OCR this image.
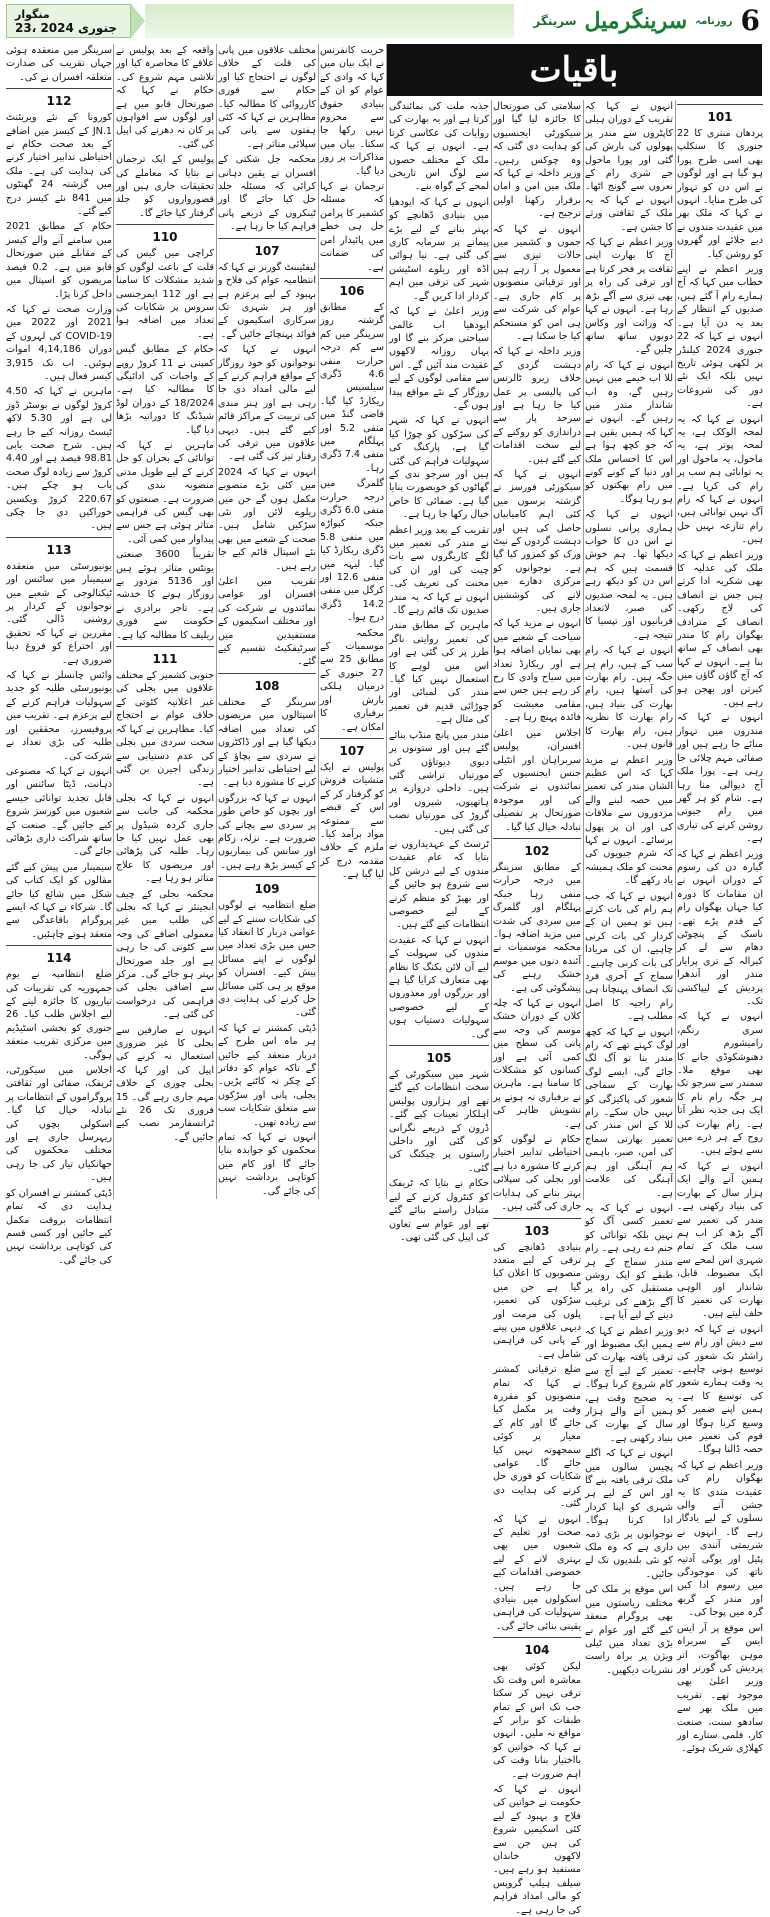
منگوار
23، جنوری 2024	سرینگر سرینگرمیل روزنامہ 6
باقیات

سرینگر میں منعقدہ ہوئی جہاں تقریب کی صدارت متعلقہ افسران نے کی۔

112

کورونا کے نئے ویریئنٹ JN.1 کے کیسز میں اضافے کے بعد صحت حکام نے احتیاطی تدابیر اختیار کرنے کی ہدایت کی ہے۔ ملک میں گزشتہ 24 گھنٹوں میں 841 نئے کیسز درج کیے گئے۔

حکام کے مطابق 2021 میں سامنے آنے والے کیسز کے مقابلے میں صورتحال قابو میں ہے۔ 0.2 فیصد مریضوں کو اسپتال میں داخل کرنا پڑا۔

وزارت صحت نے کہا کہ 2021 اور 2022 میں COVID-19 کی لہروں کے دوران 4,14,186 اموات ہوئیں۔ اب تک 3,915 کیسز فعال ہیں۔

ماہرین نے کہا کہ 4.50 کروڑ لوگوں نے بوسٹر ڈوز لی ہے اور 5.30 لاکھ ٹیسٹ روزانہ کیے جا رہے ہیں۔ شرح صحت یابی 98.81 فیصد ہے اور 4.40 کروڑ سے زیادہ لوگ صحت یاب ہو چکے ہیں۔ 220.67 کروڑ ویکسین خوراکیں دی جا چکی ہیں۔

113

یونیورسٹی میں منعقدہ سیمینار میں سائنس اور ٹیکنالوجی کے شعبے میں نوجوانوں کے کردار پر روشنی ڈالی گئی۔ مقررین نے کہا کہ تحقیق اور اختراع کو فروغ دینا ضروری ہے۔

وائس چانسلر نے کہا کہ یونیورسٹی طلبہ کو جدید سہولیات فراہم کرنے کے لیے پرعزم ہے۔ تقریب میں پروفیسرز، محققین اور طلبہ کی بڑی تعداد نے شرکت کی۔

انہوں نے کہا کہ مصنوعی ذہانت، ڈیٹا سائنس اور قابل تجدید توانائی جیسے شعبوں میں کورسز شروع کیے جائیں گے۔ صنعت کے ساتھ شراکت داری بڑھائی جائے گی۔

سیمینار میں پیش کیے گئے مقالوں کو ایک کتاب کی شکل میں شائع کیا جائے گا۔ شرکاء نے کہا کہ ایسے پروگرام باقاعدگی سے منعقد ہونے چاہئیں۔

114

ضلع انتظامیہ نے یوم جمہوریہ کی تقریبات کی تیاریوں کا جائزہ لینے کے لیے اجلاس طلب کیا۔ 26 جنوری کو بخشی اسٹیڈیم میں مرکزی تقریب منعقد ہوگی۔

اجلاس میں سیکورٹی، ٹریفک، صفائی اور ثقافتی پروگراموں کے انتظامات پر تبادلہ خیال کیا گیا۔ اسکولی بچوں کی ریہرسل جاری ہے اور مختلف محکموں کی جھانکیاں تیار کی جا رہی ہیں۔

ڈپٹی کمشنر نے افسران کو ہدایت دی کہ تمام انتظامات بروقت مکمل کیے جائیں اور کسی قسم کی کوتاہی برداشت نہیں کی جائے گی۔

واقعہ کے بعد پولیس نے علاقے کا محاصرہ کیا اور تلاشی مہم شروع کی۔ حکام نے کہا کہ صورتحال قابو میں ہے اور لوگوں سے افواہوں پر کان نہ دھرنے کی اپیل کی گئی۔

پولیس کے ایک ترجمان نے بتایا کہ معاملے کی تحقیقات جاری ہیں اور قصورواروں کو جلد گرفتار کیا جائے گا۔

110

کراچی میں گیس کی قلت کے باعث لوگوں کو شدید مشکلات کا سامنا ہے اور 112 ایمرجنسی سروس پر شکایات کی تعداد میں اضافہ ہوا ہے۔

حکام کے مطابق گیس کمپنی نے 11 کروڑ روپے کے واجبات کی ادائیگی کا مطالبہ کیا ہے۔ 18/2024 کے دوران لوڈ شیڈنگ کا دورانیہ بڑھا دیا گیا۔

ماہرین نے کہا کہ توانائی کے بحران کو حل کرنے کے لیے طویل مدتی منصوبہ بندی کی ضرورت ہے۔ صنعتوں کو بھی گیس کی فراہمی متاثر ہوئی ہے جس سے پیداوار میں کمی آئی۔

تقریباً 3600 صنعتی یونٹس متاثر ہوئے ہیں اور 5136 مزدور بے روزگار ہونے کا خدشہ ہے۔ تاجر برادری نے حکومت سے فوری ریلیف کا مطالبہ کیا ہے۔

111

جنوبی کشمیر کے مختلف علاقوں میں بجلی کی غیر اعلانیہ کٹوتی کے خلاف عوام نے احتجاج کیا۔ مظاہرین نے کہا کہ سخت سردی میں بجلی کی عدم دستیابی سے زندگی اجیرن بن گئی ہے۔

انہوں نے کہا کہ بجلی محکمہ کی جانب سے جاری کردہ شیڈول پر بھی عمل نہیں کیا جا رہا۔ طلبہ کی پڑھائی اور مریضوں کا علاج متاثر ہو رہا ہے۔

محکمہ بجلی کے چیف انجینئر نے کہا کہ بجلی کی طلب میں غیر معمولی اضافے کی وجہ سے کٹوتی کی جا رہی ہے اور جلد صورتحال بہتر ہو جائے گی۔ مرکز سے اضافی بجلی کی فراہمی کی درخواست کی گئی ہے۔

انہوں نے صارفین سے بجلی کا غیر ضروری استعمال نہ کرنے کی اپیل کی اور کہا کہ بجلی چوری کے خلاف مہم جاری رہے گی۔ 15 فروری تک 26 نئے ٹرانسفارمر نصب کیے جائیں گے۔

مختلف علاقوں میں پانی کی قلت کے خلاف لوگوں نے احتجاج کیا اور حکام سے فوری کارروائی کا مطالبہ کیا۔ مظاہرین نے کہا کہ کئی ہفتوں سے پانی کی سپلائی متاثر ہے۔

محکمہ جل شکتی کے افسران نے یقین دہانی کرائی کہ مسئلہ جلد حل کیا جائے گا اور ٹینکروں کے ذریعے پانی فراہم کیا جا رہا ہے۔

107

لیفٹیننٹ گورنر نے کہا کہ انتظامیہ عوام کی فلاح و بہبود کے لیے پرعزم ہے اور ہر شہری تک سرکاری اسکیموں کے فوائد پہنچائے جائیں گے۔

انہوں نے کہا کہ نوجوانوں کو خود روزگار کے مواقع فراہم کرنے کے لیے مالی امداد دی جا رہی ہے اور ہنر مندی کی تربیت کے مراکز قائم کیے گئے ہیں۔ دیہی علاقوں میں ترقی کی رفتار تیز کی گئی ہے۔

انہوں نے کہا کہ 2024 میں کئی بڑے منصوبے مکمل ہوں گے جن میں ریلوے لائن اور نئی سڑکیں شامل ہیں۔ صحت کے شعبے میں بھی نئے اسپتال قائم کیے جا رہے ہیں۔

تقریب میں اعلیٰ افسران اور عوامی نمائندوں نے شرکت کی اور مختلف اسکیموں کے مستفیدین میں سرٹیفکیٹ تقسیم کیے گئے۔

108

سرینگر کے مختلف اسپتالوں میں مریضوں کی تعداد میں اضافہ دیکھا گیا ہے اور ڈاکٹروں نے سردی سے بچاؤ کے لیے احتیاطی تدابیر اختیار کرنے کا مشورہ دیا ہے۔

انہوں نے کہا کہ بزرگوں اور بچوں کو خاص طور پر سردی سے بچانے کی ضرورت ہے۔ نزلہ، زکام اور سانس کی بیماریوں کے کیسز بڑھ رہے ہیں۔

109

ضلع انتظامیہ نے لوگوں کی شکایات سننے کے لیے عوامی دربار کا انعقاد کیا جس میں بڑی تعداد میں لوگوں نے اپنے مسائل پیش کیے۔ افسران کو موقع پر ہی کئی مسائل حل کرنے کی ہدایت دی گئی۔

ڈپٹی کمشنر نے کہا کہ ہر ماہ اس طرح کے دربار منعقد کیے جائیں گے تاکہ عوام کو دفاتر کے چکر نہ کاٹنے پڑیں۔ بجلی، پانی اور سڑکوں سے متعلق شکایات سب سے زیادہ تھیں۔

انہوں نے کہا کہ تمام محکموں کو جوابدہ بنایا جائے گا اور کام میں کوتاہی برداشت نہیں کی جائے گی۔

حریت کانفرنس نے ایک بیان میں کہا کہ وادی کے عوام کو ان کے بنیادی حقوق سے محروم نہیں رکھا جا سکتا۔ بیان میں مذاکرات پر زور دیا گیا۔

ترجمان نے کہا کہ مسئلہ کشمیر کا پرامن حل ہی خطے میں پائیدار امن کی ضمانت ہے۔

106

کے مطابق گزشتہ روز سرینگر میں کم سے کم درجہ حرارت منفی 4.6 ڈگری سیلسیس ریکارڈ کیا گیا۔ قاضی گنڈ میں منفی 5.2 اور پہلگام میں منفی 7.4 ڈگری رہا۔

گلمرگ میں درجہ حرارت منفی 6.0 ڈگری جبکہ کپواڑہ میں منفی 5.8 ڈگری ریکارڈ کیا گیا۔ لیہہ میں منفی 12.6 اور کرگل میں منفی 14.2 ڈگری درج ہوا۔

محکمہ موسمیات کے مطابق 25 سے 27 جنوری کے درمیان ہلکی بارش اور برفباری کا امکان ہے۔

107

پولیس نے ایک منشیات فروش کو گرفتار کر کے اس کے قبضے سے ممنوعہ مواد برآمد کیا۔ ملزم کے خلاف مقدمہ درج کر لیا گیا ہے۔

جذبہ ملت کی نمائندگی کرتا ہے اور یہ بھارت کی روایات کی عکاسی کرتا ہے۔ انہوں نے کہا کہ ملک کے مختلف حصوں سے لوگ اس تاریخی لمحے کے گواہ بنے۔

انہوں نے کہا کہ ایودھیا میں بنیادی ڈھانچے کو بہتر بنانے کے لیے بڑے پیمانے پر سرمایہ کاری کی گئی ہے۔ نیا ہوائی اڈہ اور ریلوے اسٹیشن شہر کی ترقی میں اہم کردار ادا کریں گے۔

وزیر اعلیٰ نے کہا کہ ایودھیا اب عالمی سیاحتی مرکز بنے گا اور یہاں روزانہ لاکھوں عقیدت مند آئیں گے۔ اس سے مقامی لوگوں کے لیے روزگار کے نئے مواقع پیدا ہوں گے۔

انہوں نے کہا کہ شہر کی سڑکوں کو چوڑا کیا گیا ہے، پارکنگ کی سہولیات فراہم کی گئی ہیں اور سرجو ندی کے گھاٹوں کو خوبصورت بنایا گیا ہے۔ صفائی کا خاص خیال رکھا جا رہا ہے۔

تقریب کے بعد وزیر اعظم نے مندر کی تعمیر میں لگے کاریگروں سے بات چیت کی اور ان کی محنت کی تعریف کی۔ انہوں نے کہا کہ یہ مندر صدیوں تک قائم رہے گا۔

ماہرین کے مطابق مندر کی تعمیر روایتی ناگر طرز پر کی گئی ہے اور اس میں لوہے کا استعمال نہیں کیا گیا۔ مندر کی لمبائی اور چوڑائی قدیم فن تعمیر کی مثال ہے۔

مندر میں پانچ منڈپ بنائے گئے ہیں اور ستونوں پر دیوی دیوتاؤں کی مورتیاں تراشی گئی ہیں۔ داخلی دروازے پر ہاتھیوں، شیروں اور گروڑ کی مورتیاں نصب کی گئی ہیں۔

ٹرسٹ کے عہدیداروں نے بتایا کہ عام عقیدت مندوں کے لیے درشن کل سے شروع ہو جائیں گے اور بھیڑ کو منظم کرنے کے لیے خصوصی انتظامات کیے گئے ہیں۔

انہوں نے کہا کہ عقیدت مندوں کی سہولت کے لیے آن لائن بکنگ کا نظام بھی متعارف کرایا گیا ہے اور بزرگوں اور معذوروں کے لیے خصوصی سہولیات دستیاب ہوں گی۔

105

شہر میں سیکورٹی کے سخت انتظامات کیے گئے تھے اور ہزاروں پولیس اہلکار تعینات کیے گئے۔ ڈرون کے ذریعے نگرانی کی گئی اور داخلی راستوں پر چیکنگ کی گئی۔

حکام نے بتایا کہ ٹریفک کو کنٹرول کرنے کے لیے متبادل راستے بنائے گئے تھے اور عوام سے تعاون کی اپیل کی گئی تھی۔

سلامتی کی صورتحال کا جائزہ لیا گیا اور سیکورٹی ایجنسیوں کو ہدایت دی گئی کہ وہ چوکس رہیں۔ وزیر داخلہ نے کہا کہ ملک میں امن و امان برقرار رکھنا اولین ترجیح ہے۔

انہوں نے کہا کہ جموں و کشمیر میں حالات تیزی سے معمول پر آ رہے ہیں اور ترقیاتی منصوبوں پر کام جاری ہے۔ عوام کی شرکت سے ہی امن کو مستحکم کیا جا سکتا ہے۔

وزیر داخلہ نے کہا کہ دہشت گردی کے خلاف زیرو ٹالرنس کی پالیسی پر عمل کیا جا رہا ہے اور سرحد پار سے دراندازی کو روکنے کے لیے سخت اقدامات کیے گئے ہیں۔

انہوں نے کہا کہ سیکورٹی فورسز نے گزشتہ برسوں میں کئی اہم کامیابیاں حاصل کی ہیں اور دہشت گردوں کے نیٹ ورک کو کمزور کیا گیا ہے۔ نوجوانوں کو مرکزی دھارے میں لانے کی کوششیں جاری ہیں۔

انہوں نے مزید کہا کہ سیاحت کے شعبے میں بھی نمایاں اضافہ ہوا ہے اور ریکارڈ تعداد میں سیاح وادی کا رخ کر رہے ہیں جس سے مقامی معیشت کو فائدہ پہنچ رہا ہے۔

اجلاس میں اعلیٰ افسران، پولیس سربراہان اور انٹیلی جنس ایجنسیوں کے نمائندوں نے شرکت کی اور موجودہ صورتحال پر تفصیلی تبادلہ خیال کیا گیا۔

102

کے مطابق سرینگر میں درجہ حرارت منفی رہا جبکہ پہلگام اور گلمرگ میں سردی کی شدت میں مزید اضافہ ہوا۔ محکمہ موسمیات نے آئندہ دنوں میں موسم خشک رہنے کی پیشگوئی کی ہے۔

انہوں نے کہا کہ چلہ کلان کے دوران خشک موسم کی وجہ سے پانی کی سطح میں کمی آئی ہے اور کسانوں کو مشکلات کا سامنا ہے۔ ماہرین نے برفباری نہ ہونے پر تشویش ظاہر کی ہے۔

حکام نے لوگوں کو احتیاطی تدابیر اختیار کرنے کا مشورہ دیا ہے اور بجلی کی سپلائی بہتر بنانے کی ہدایات جاری کی گئی ہیں۔

103

بنیادی ڈھانچے کی ترقی کے لیے متعدد منصوبوں کا اعلان کیا گیا ہے جن میں سڑکوں کی تعمیر، پلوں کی مرمت اور دیہی علاقوں میں پینے کے پانی کی فراہمی شامل ہے۔

ضلع ترقیاتی کمشنر نے کہا کہ تمام منصوبوں کو مقررہ وقت پر مکمل کیا جائے گا اور کام کے معیار پر کوئی سمجھوتہ نہیں کیا جائے گا۔ عوامی شکایات کو فوری حل کرنے کی ہدایت دی گئی۔

انہوں نے کہا کہ صحت اور تعلیم کے شعبوں میں بھی بہتری لانے کے لیے خصوصی اقدامات کیے جا رہے ہیں۔ اسکولوں میں بنیادی سہولیات کی فراہمی یقینی بنائی جائے گی۔

104

لیکن کوئی بھی معاشرہ اس وقت تک ترقی نہیں کر سکتا جب تک اس کے تمام طبقات کو برابر کے مواقع نہ ملیں۔ انہوں نے کہا کہ خواتین کو بااختیار بنانا وقت کی اہم ضرورت ہے۔

انہوں نے کہا کہ حکومت نے خواتین کی فلاح و بہبود کے لیے کئی اسکیمیں شروع کی ہیں جن سے لاکھوں خاندان مستفید ہو رہے ہیں۔ سیلف ہیلپ گروپس کو مالی امداد فراہم کی جا رہی ہے۔

انہوں نے کہا کہ تقریب کے دوران ہیلی کاپٹروں سے مندر پر پھولوں کی بارش کی گئی اور پورا ماحول جے شری رام کے نعروں سے گونج اٹھا۔ انہوں نے کہا کہ یہ ملک کے ثقافتی ورثے کا جشن ہے۔

وزیر اعظم نے کہا کہ آج کا بھارت اپنی ثقافت پر فخر کرتا ہے اور ترقی کی راہ پر بھی تیزی سے آگے بڑھ رہا ہے۔ انہوں نے کہا کہ وراثت اور وکاس دونوں ساتھ ساتھ چلیں گے۔

انہوں نے کہا کہ رام للا اب خیمے میں نہیں رہیں گے، وہ اب شاندار مندر میں رہیں گے۔ انہوں نے کہا کہ ہمیں یقین ہے کہ جو کچھ ہوا ہے اس کا احساس ملک اور دنیا کے کونے کونے میں رام بھکتوں کو ہو رہا ہوگا۔

انہوں نے کہا کہ ہماری پرانی نسلوں نے اس دن کا خواب دیکھا تھا۔ ہم خوش قسمت ہیں کہ ہم اس دن کو دیکھ رہے ہیں۔ یہ لمحہ صدیوں کی صبر، لاتعداد قربانیوں اور تپسیا کا نتیجہ ہے۔

انہوں نے کہا کہ رام سب کے ہیں، رام ہر جگہ ہیں۔ رام بھارت کی آستھا ہیں، رام بھارت کی بنیاد ہیں، رام بھارت کا نظریہ ہیں، رام بھارت کا قانون ہیں۔

وزیر اعظم نے مزید کہا کہ اس عظیم الشان مندر کی تعمیر میں حصہ لینے والے مزدوروں سے ملاقات کی اور ان پر پھول برسائے۔ انہوں نے کہا کہ شرم جیویوں کی محنت کو ملک ہمیشہ یاد رکھے گا۔

انہوں نے کہا کہ جب ہم رام کی بات کرتے ہیں تو ہمیں ان کے کردار کی بات کرنی چاہیے، ان کی مریادا کی بات کرنی چاہیے۔ سماج کے آخری فرد تک انصاف پہنچانا ہی رام راجیہ کا اصل مطلب ہے۔

انہوں نے کہا کہ کچھ لوگ کہتے تھے کہ رام مندر بنا تو آگ لگ جائے گی، ایسے لوگ بھارت کے سماجی شعور کی پاکیزگی کو نہیں جان سکے۔ رام للا کے اس مندر کی تعمیر بھارتی سماج کی امن، صبر، باہمی ہم آہنگی اور ہم آہنگی کی علامت ہے۔

انہوں نے کہا کہ یہ تعمیر کسی آگ کو نہیں بلکہ توانائی کو جنم دے رہی ہے۔ رام مندر سماج کے ہر طبقے کو ایک روشن مستقبل کی راہ پر آگے بڑھنے کی ترغیب دینے کے لیے آیا ہے۔

وزیر اعظم نے کہا کہ ہمیں ایک مضبوط اور ترقی یافتہ بھارت کی تعمیر کے لیے آج سے کام شروع کرنا ہوگا۔ یہ صحیح وقت ہے، ہمیں آنے والے ہزار سال کے بھارت کی بنیاد رکھنی ہے۔

انہوں نے کہا کہ اگلے پچیس سالوں میں ملک ترقی یافتہ بنے گا اور اس کے لیے ہر شہری کو اپنا کردار ادا کرنا ہوگا۔ نوجوانوں پر بڑی ذمہ داری ہے کہ وہ ملک کو نئی بلندیوں تک لے جائیں۔

اس موقع پر ملک کی مختلف ریاستوں میں بھی پروگرام منعقد کیے گئے اور عوام نے بڑی تعداد میں ٹیلی ویژن پر براہ راست نشریات دیکھیں۔

101

پردھان منتری کا 22 جنوری کا سنکلپ بھی اسی طرح پورا ہو گیا ہے اور لوگوں نے اس دن کو تہوار کی طرح منایا۔ انہوں نے کہا کہ ملک بھر میں عقیدت مندوں نے دیے جلائے اور گھروں کو روشن کیا۔

وزیر اعظم نے اپنے خطاب میں کہا کہ آج ہمارے رام آ گئے ہیں، صدیوں کے انتظار کے بعد یہ دن آیا ہے۔ انہوں نے کہا کہ 22 جنوری 2024 کیلنڈر پر لکھی ہوئی تاریخ نہیں بلکہ ایک نئے دور کی شروعات ہے۔

انہوں نے کہا کہ یہ لمحہ الوکک ہے، یہ لمحہ پوتر ہے، یہ ماحول، یہ ماحول اور یہ توانائی ہم سب پر رام کی کرپا ہے۔ انہوں نے کہا کہ رام آگ نہیں توانائی ہیں، رام تنازعہ نہیں حل ہیں۔

وزیر اعظم نے کہا کہ ملک کی عدلیہ کا بھی شکریہ ادا کرتے ہیں جس نے انصاف کی لاج رکھی۔ انصاف کے مترادف بھگوان رام کا مندر بھی انصاف کے ساتھ بنا ہے۔ انہوں نے کہا کہ آج گاؤں گاؤں میں کیرتن اور بھجن ہو رہے ہیں۔

انہوں نے کہا کہ مندروں میں تہوار منائے جا رہے ہیں اور صفائی مہم چلائی جا رہی ہے۔ پورا ملک آج دیوالی منا رہا ہے۔ شام کو ہر گھر میں رام جیوتی روشن کرنے کی تیاری ہے۔

وزیر اعظم نے کہا کہ گیارہ دن کی رسوم کے دوران انہوں نے ان مقامات کا دورہ کیا جہاں بھگوان رام کے قدم پڑے تھے۔ ناسک کے پنچوٹی دھام سے لے کر کیرالہ کے تری پرایار مندر اور آندھرا پردیش کے لیپاکشی تک۔

انہوں نے کہا کہ سری رنگم، رامیشورم اور دھنوشکوڈی جانے کا بھی موقع ملا۔ سمندر سے سرجو تک ہر جگہ رام نام کا ایک ہی جذبہ نظر آتا ہے۔ رام بھارت کی روح کے ہر ذرے میں بسے ہوئے ہیں۔

انہوں نے کہا کہ ہمیں آنے والے ایک ہزار سال کے بھارت کی بنیاد رکھنی ہے۔ مندر کی تعمیر سے آگے بڑھ کر اب ہم سب ملک کے تمام شہری اس لمحے سے ایک مضبوط، قابل، شاندار اور الوہی بھارت کی تعمیر کا حلف لیتے ہیں۔

انہوں نے کہا کہ دیو سے دیش اور رام سے راشٹر تک شعور کی توسیع ہونی چاہیے۔ یہ وقت ہمارے شعور کی توسیع کا ہے۔ ہمیں اپنے ضمیر کو وسیع کرنا ہوگا اور قوم کی تعمیر میں حصہ ڈالنا ہوگا۔

وزیر اعظم نے کہا کہ بھگوان رام کی عقیدت مندی کا یہ جشن آنے والی نسلوں کے لیے یادگار رہے گا۔ انہوں نے شریمتی آنندی بین پٹیل اور یوگی آدتیہ ناتھ کی موجودگی میں رسوم ادا کیں اور مندر کے گربھ گرہ میں پوجا کی۔

اس موقع پر آر ایس ایس کے سربراہ موہن بھاگوت، اتر پردیش کی گورنر اور وزیر اعلیٰ بھی موجود تھے۔ تقریب میں ملک بھر سے سادھو سنت، صنعت کار، فلمی ستارے اور کھلاڑی شریک ہوئے۔
